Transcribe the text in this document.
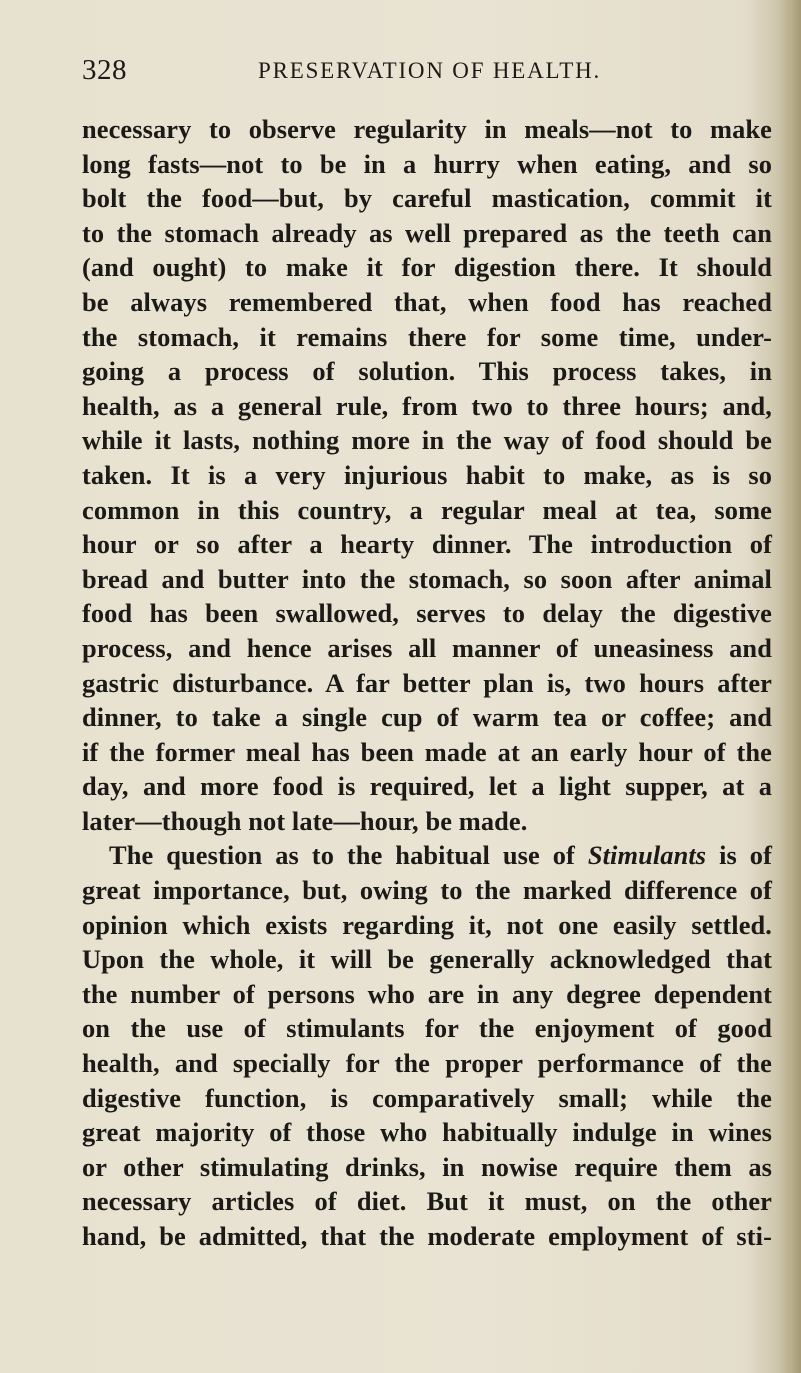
328	PRESERVATION OF HEALTH.
necessary to observe regularity in meals—not to make
long fasts—not to be in a hurry when eating, and so
bolt the food—but, by careful mastication, commit it
to the stomach already as well prepared as the teeth can
(and ought) to make it for digestion there. It should
be always remembered that, when food has reached
the stomach, it remains there for some time, under-
going a process of solution. This process takes, in
health, as a general rule, from two to three hours; and,
while it lasts, nothing more in the way of food should be
taken. It is a very injurious habit to make, as is so
common in this country, a regular meal at tea, some
hour or so after a hearty dinner. The introduction of
bread and butter into the stomach, so soon after animal
food has been swallowed, serves to delay the digestive
process, and hence arises all manner of uneasiness and
gastric disturbance. A far better plan is, two hours after
dinner, to take a single cup of warm tea or coffee; and
if the former meal has been made at an early hour of the
day, and more food is required, let a light supper, at a
later—though not late—hour, be made.
The question as to the habitual use of Stimulants is of
great importance, but, owing to the marked difference of
opinion which exists regarding it, not one easily settled.
Upon the whole, it will be generally acknowledged that
the number of persons who are in any degree dependent
on the use of stimulants for the enjoyment of good
health, and specially for the proper performance of the
digestive function, is comparatively small; while the
great majority of those who habitually indulge in wines
or other stimulating drinks, in nowise require them as
necessary articles of diet. But it must, on the other
hand, be admitted, that the moderate employment of sti-
